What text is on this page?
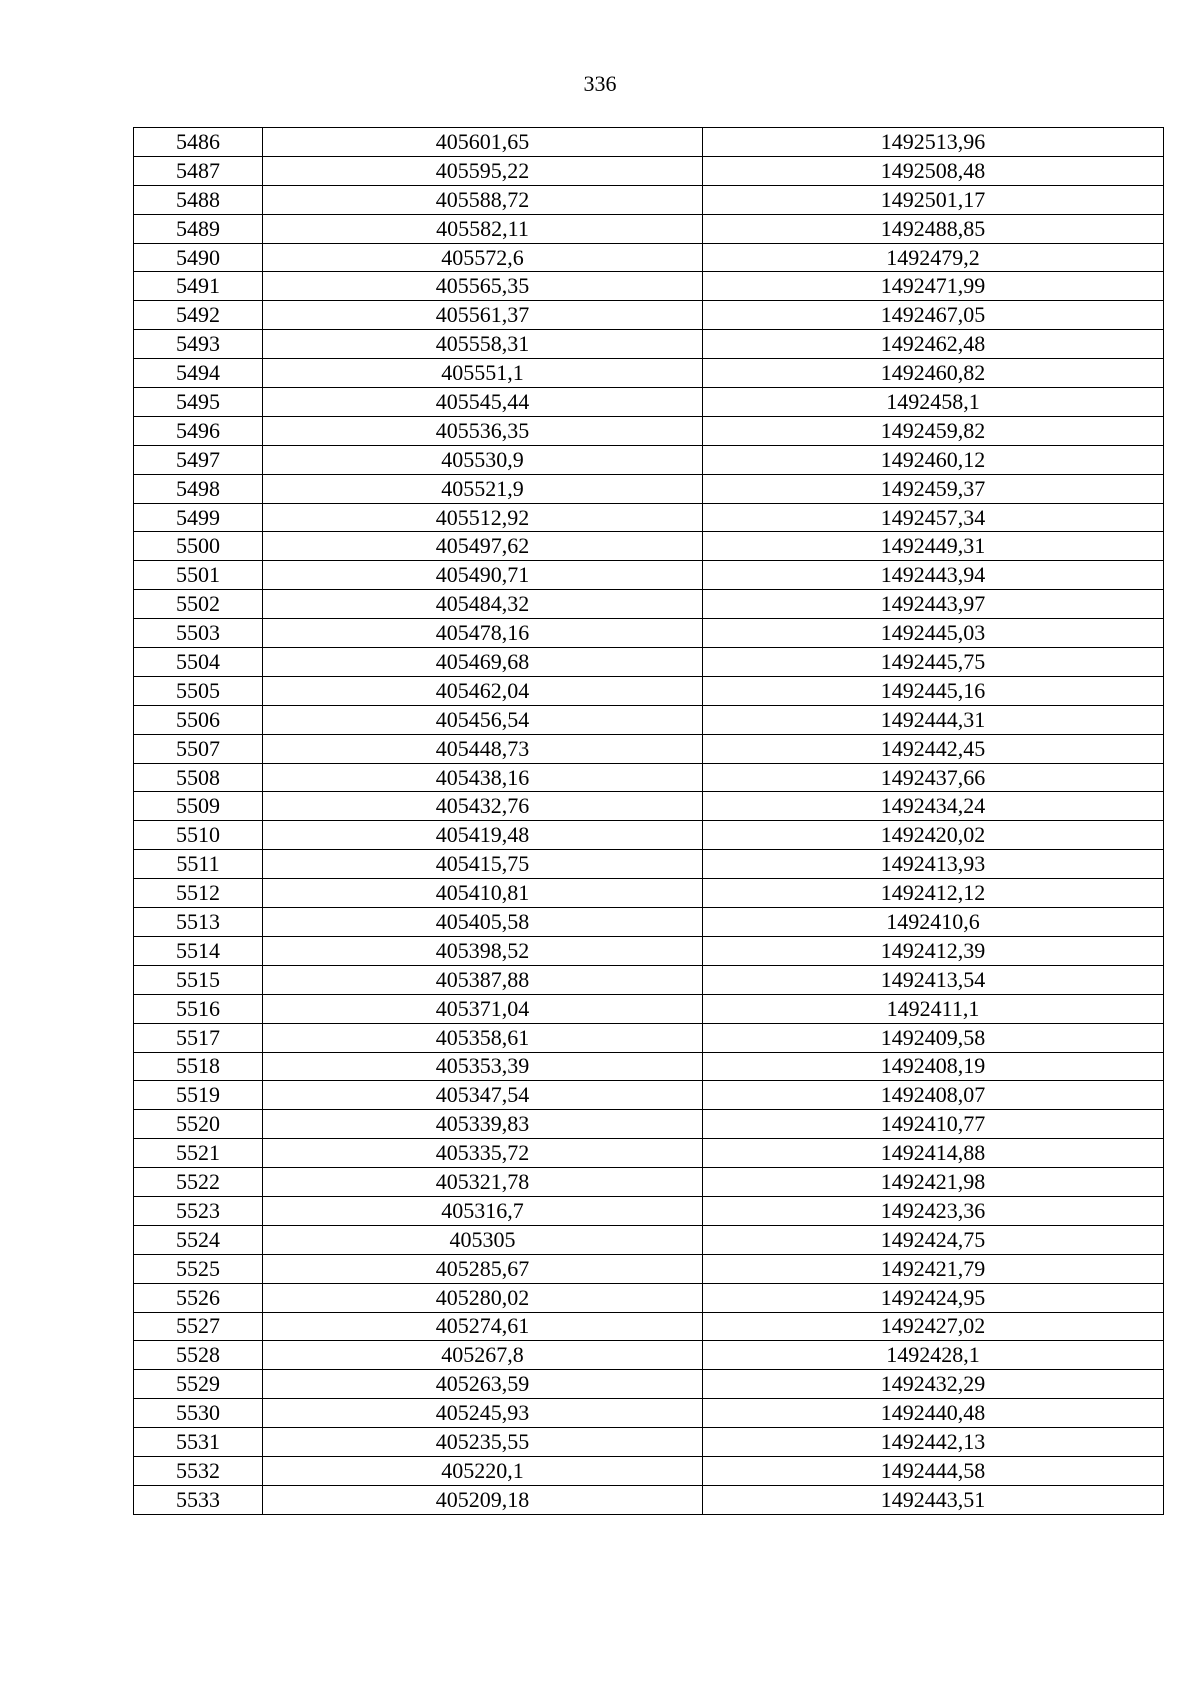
336
5486	405601,65	1492513,96
5487	405595,22	1492508,48
5488	405588,72	1492501,17
5489	405582,11	1492488,85
5490	405572,6	1492479,2
5491	405565,35	1492471,99
5492	405561,37	1492467,05
5493	405558,31	1492462,48
5494	405551,1	1492460,82
5495	405545,44	1492458,1
5496	405536,35	1492459,82
5497	405530,9	1492460,12
5498	405521,9	1492459,37
5499	405512,92	1492457,34
5500	405497,62	1492449,31
5501	405490,71	1492443,94
5502	405484,32	1492443,97
5503	405478,16	1492445,03
5504	405469,68	1492445,75
5505	405462,04	1492445,16
5506	405456,54	1492444,31
5507	405448,73	1492442,45
5508	405438,16	1492437,66
5509	405432,76	1492434,24
5510	405419,48	1492420,02
5511	405415,75	1492413,93
5512	405410,81	1492412,12
5513	405405,58	1492410,6
5514	405398,52	1492412,39
5515	405387,88	1492413,54
5516	405371,04	1492411,1
5517	405358,61	1492409,58
5518	405353,39	1492408,19
5519	405347,54	1492408,07
5520	405339,83	1492410,77
5521	405335,72	1492414,88
5522	405321,78	1492421,98
5523	405316,7	1492423,36
5524	405305	1492424,75
5525	405285,67	1492421,79
5526	405280,02	1492424,95
5527	405274,61	1492427,02
5528	405267,8	1492428,1
5529	405263,59	1492432,29
5530	405245,93	1492440,48
5531	405235,55	1492442,13
5532	405220,1	1492444,58
5533	405209,18	1492443,51
